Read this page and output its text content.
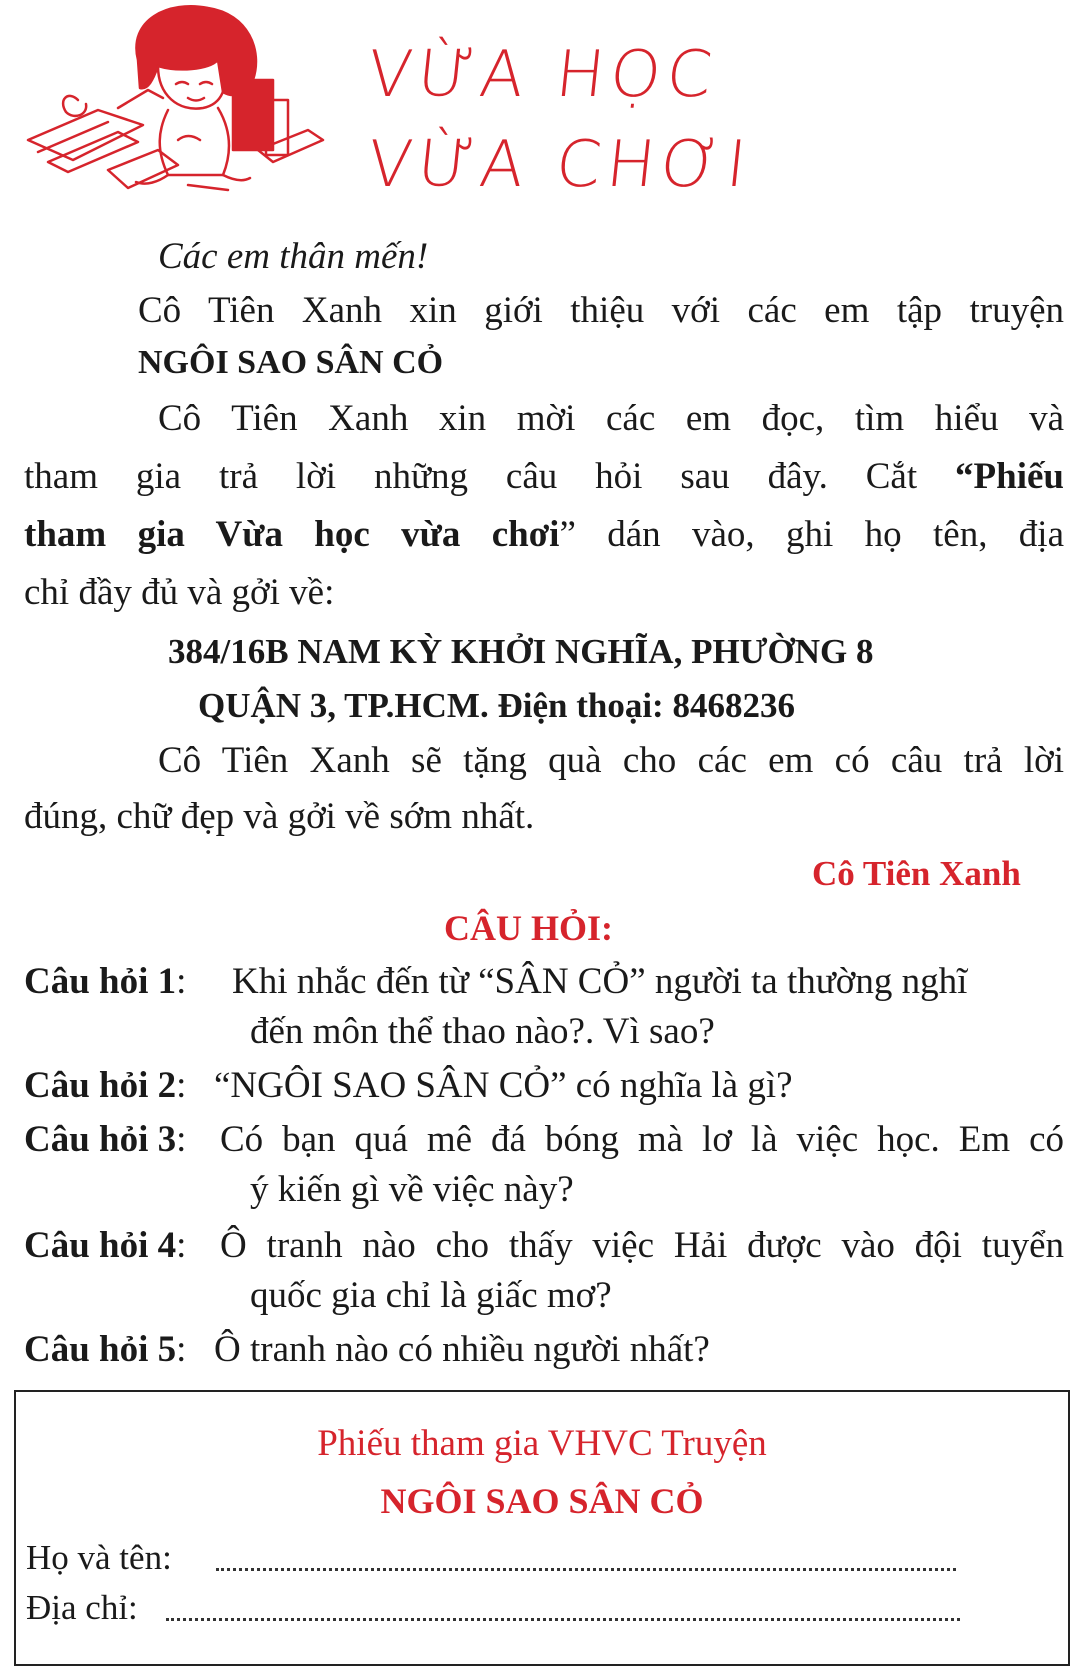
VỪA HỌC
VỪA CHƠI
Các em thân mến!
Cô Tiên Xanh xin giới thiệu với các em tập truyện
NGÔI SAO SÂN CỎ
Cô Tiên Xanh xin mời các em đọc, tìm hiểu và
tham gia trả lời những câu hỏi sau đây. Cắt “Phiếu
tham gia Vừa học vừa chơi” dán vào, ghi họ tên, địa
chỉ đầy đủ và gởi về:
384/16B NAM KỲ KHỞI NGHĨA, PHƯỜNG 8
QUẬN 3, TP.HCM. Điện thoại: 8468236
Cô Tiên Xanh sẽ tặng quà cho các em có câu trả lời
đúng, chữ đẹp và gởi về sớm nhất.
Cô Tiên Xanh
CÂU HỎI:
Câu hỏi 1: Khi nhắc đến từ “SÂN CỎ” người ta thường nghĩ
đến môn thể thao nào?. Vì sao?
Câu hỏi 2: “NGÔI SAO SÂN CỎ” có nghĩa là gì?
Câu hỏi 3: Có bạn quá mê đá bóng mà lơ là việc học. Em có
ý kiến gì về việc này?
Câu hỏi 4: Ô tranh nào cho thấy việc Hải được vào đội tuyển
quốc gia chỉ là giấc mơ?
Câu hỏi 5: Ô tranh nào có nhiều người nhất?
Phiếu tham gia VHVC Truyện
NGÔI SAO SÂN CỎ
Họ và tên:
Địa chỉ:
